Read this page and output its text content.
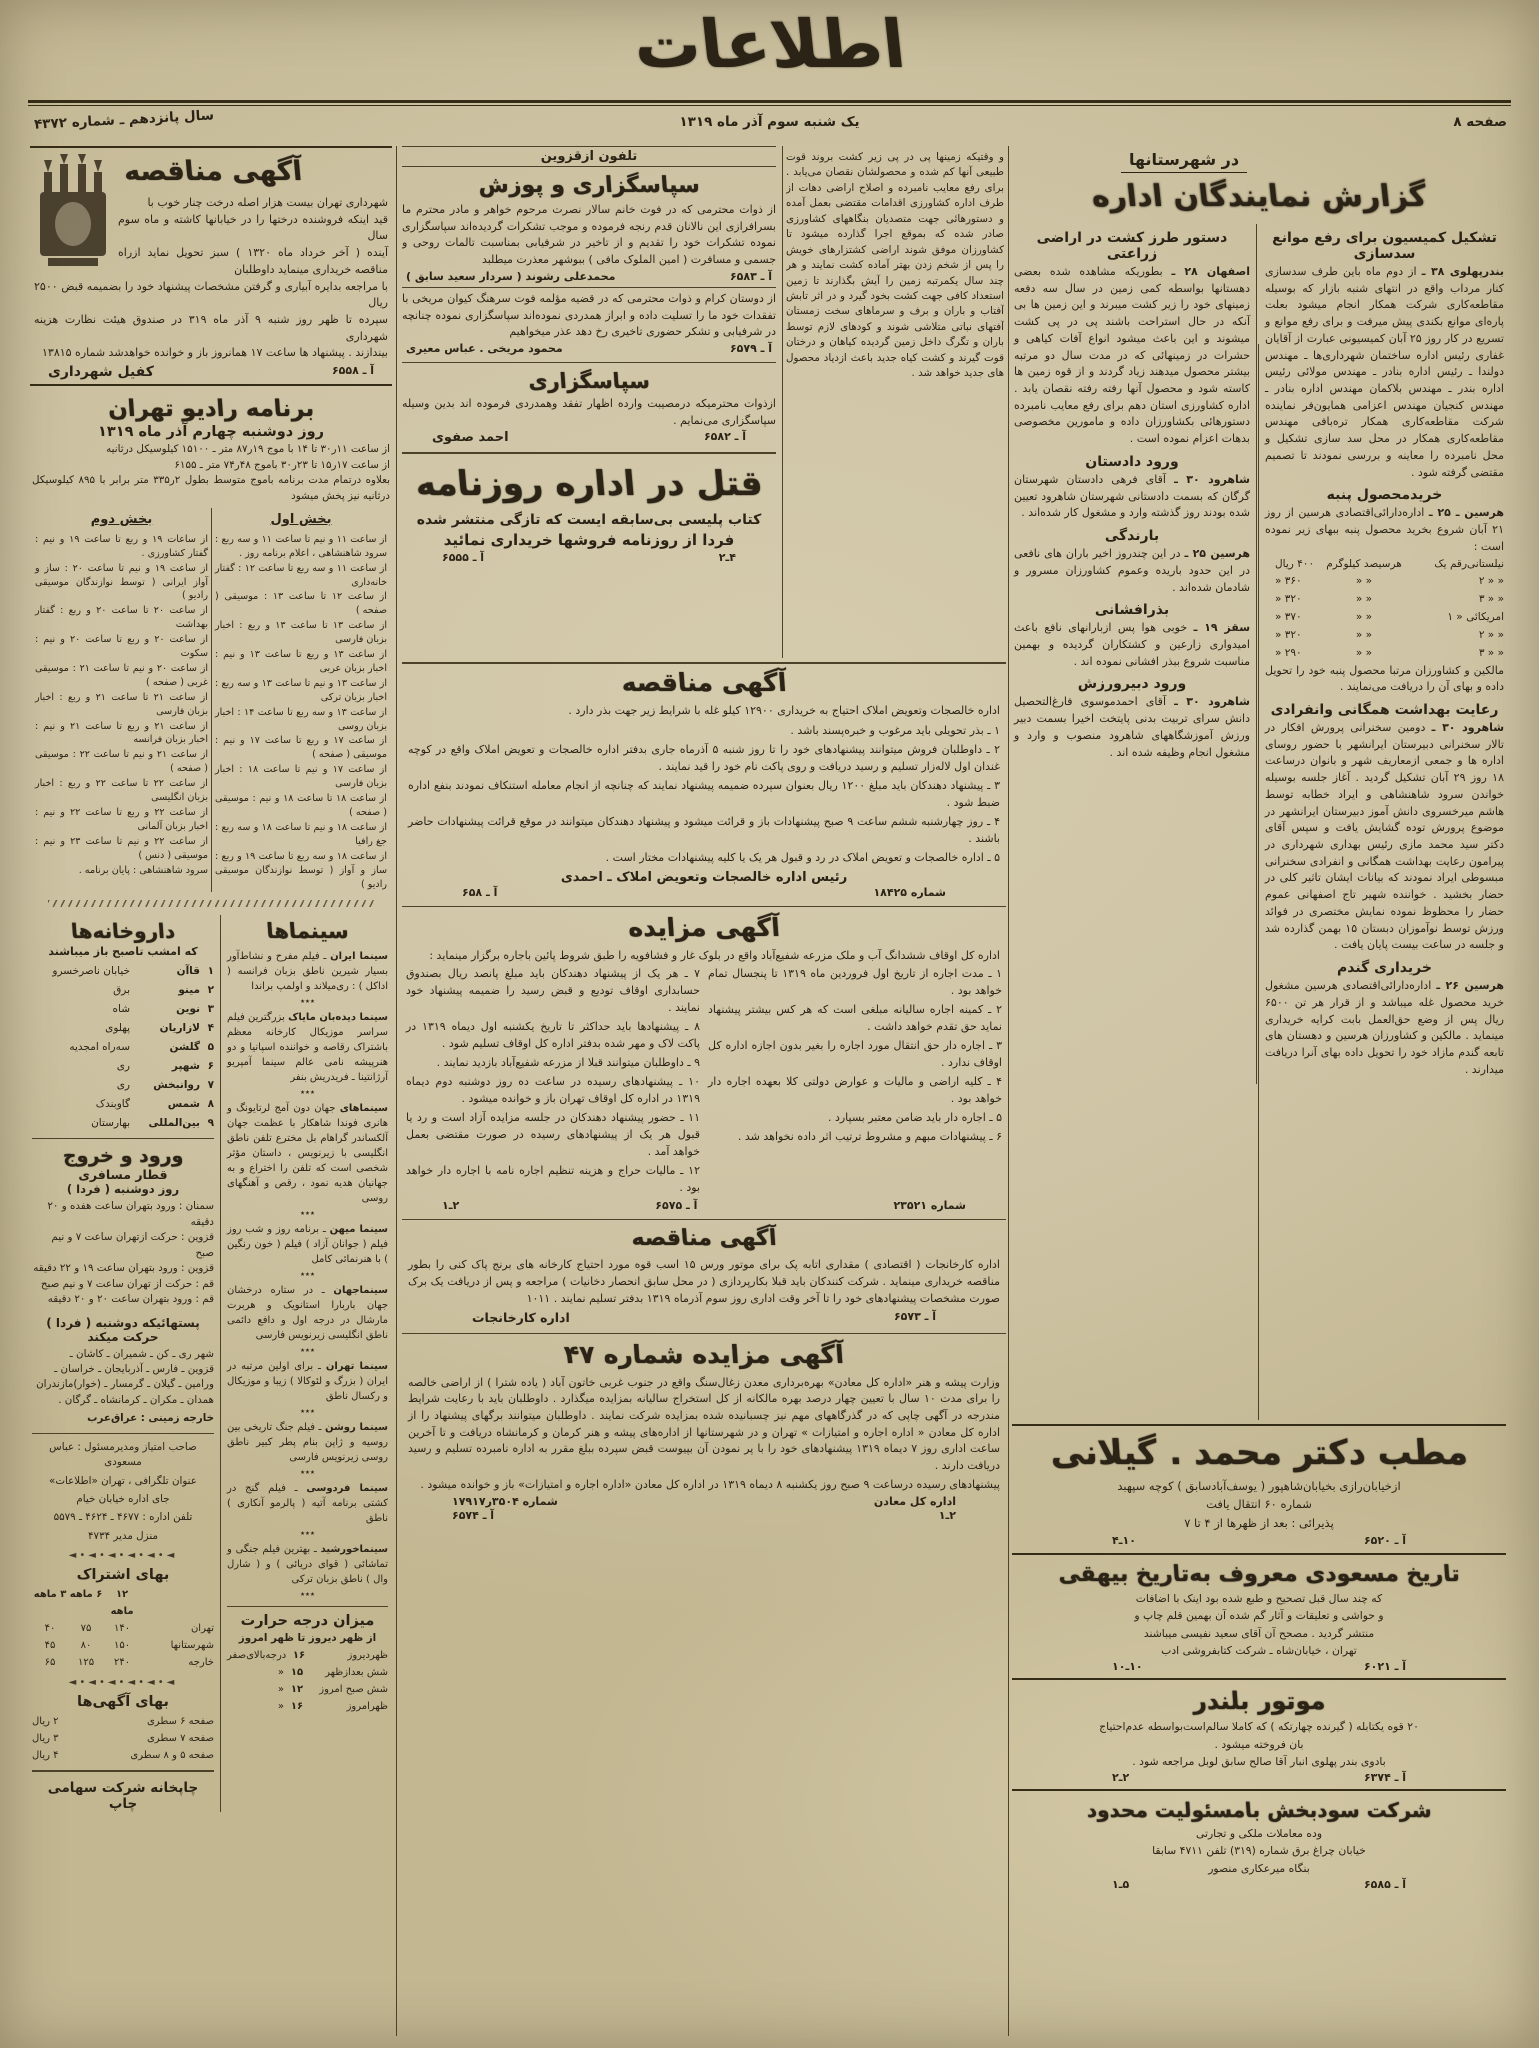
اطلاعات
صفحه ۸
یک شنبه سوم آذر ماه ۱۳۱۹
سال پانزدهم ـ شماره ۴۳۷۲
آگهی مناقصه
شهرداری تهران بیست هزار اصله درخت چنار خوب با
قید اینکه فروشنده درختها را در خیابانها کاشته و ماه سوم سال
آینده ( آخر خرداد ماه ۱۳۲۰ ) سبز تحویل نماید ازراه مناقصه خریداری مینماید داوطلبان
با مراجعه بدایره آبیاری و گرفتن مشخصات پیشنهاد خود را بضمیمه قبض ۲۵۰۰ ریال
سپرده تا ظهر روز شنبه ۹ آذر ماه ۳۱۹ در صندوق هیئت نظارت هزینه شهرداری
بیندازند . پیشنهاد ها ساعت ۱۷ همانروز باز و خوانده خواهدشد شماره ۱۳۸۱۵
آ ـ ۶۵۵۸
کفیل شهرداری
برنامه رادیو تهران
روز دوشنبه چهارم آذر ماه ۱۳۱۹
از ساعت ۱۱ر۳۰ تا ۱۴ با موج ۱۹ر۸۷ متر ـ ۱۵۱۰۰ کیلوسیکل درثانیه
از ساعت ۱۷ر۱۵ تا ۲۳ر۳۰ باموج ۴۸ر۷۴ متر ـ ۶۱۵۵
بعلاوه درتمام مدت برنامه باموج متوسط بطول ۲ر۳۳۵ متر برابر با ۸۹۵ کیلوسیکل درثانیه نیز پخش میشود
بخش اول
از ساعت ۱۱ و نیم تا ساعت ۱۱ و سه ربع : سرود شاهنشاهی ، اعلام برنامه روز .
از ساعت ۱۱ و سه ربع تا ساعت ۱۲ : گفتار خانه‌داری
از ساعت ۱۲ تا ساعت ۱۳ : موسیقی ( صفحه )
از ساعت ۱۳ تا ساعت ۱۳ و ربع : اخبار بزبان فارسی
از ساعت ۱۳ و ربع تا ساعت ۱۳ و نیم : اخبار بزبان عربی
از ساعت ۱۳ و نیم تا ساعت ۱۳ و سه ربع : اخبار بزبان ترکی
از ساعت ۱۳ و سه ربع تا ساعت ۱۴ : اخبار بزبان روسی
از ساعت ۱۷ و ربع تا ساعت ۱۷ و نیم : موسیقی ( صفحه )
از ساعت ۱۷ و نیم تا ساعت ۱۸ : اخبار بزبان فارسی
از ساعت ۱۸ تا ساعت ۱۸ و نیم : موسیقی ( صفحه )
از ساعت ۱۸ و نیم تا ساعت ۱۸ و سه ربع : جغ رافیا
از ساعت ۱۸ و سه ربع تا ساعت ۱۹ و ربع : ساز و آواز ( توسط نوازندگان موسیقی رادیو )
بخش دوم
از ساعات ۱۹ و ربع تا ساعت ۱۹ و نیم : گفتار کشاورزی .
از ساعت ۱۹ و نیم تا ساعت ۲۰ : ساز و آواز ایرانی ( توسط نوازندگان موسیقی رادیو )
از ساعت ۲۰ تا ساعت ۲۰ و ربع : گفتار بهداشت
از ساعت ۲۰ و ربع تا ساعت ۲۰ و نیم : سکوت
از ساعت ۲۰ و نیم تا ساعت ۲۱ : موسیقی غربی ( صفحه )
از ساعت ۲۱ تا ساعت ۲۱ و ربع : اخبار بزبان فارسی
از ساعت ۲۱ و ربع تا ساعت ۲۱ و نیم : اخبار بزبان فرانسه
از ساعت ۲۱ و نیم تا ساعت ۲۲ : موسیقی ( صفحه )
از ساعت ۲۲ تا ساعت ۲۲ و ربع : اخبار بزبان انگلیسی
از ساعت ۲۲ و ربع تا ساعت ۲۲ و نیم : اخبار بزبان آلمانی
از ساعت ۲۲ و نیم تا ساعت ۲۳ و نیم : موسیقی ( دنس )
سرود شاهنشاهی : پایان برنامه .
سینماها

سینما ایران ـ فیلم مفرح و نشاط‌آور بسیار شیرین ناطق بزبان فرانسه ( اداکل ) : ری‌میلاند و اولمپ براندا

٭٭٭

سینما دیده‌بان مایاک بزرگترین فیلم سراسر موزیکال کارخانه معظم باشتراک رقاصه و خواننده اسپانیا و دو هنرپیشه نامی عالم سینما آمپریو آرژانتینا ـ فریدریش بنفر

٭٭٭

سینماهای جهان دون آمج لرتایونگ و هانری فوندا شاهکار با عظمت جهان آلکساندر گراهام بل مخترع تلفن ناطق انگلیسی با زیرنویس ، داستان مؤثر شخصی است که تلفن را اختراع و به جهانیان هدیه نمود ، رقص و آهنگهای روسی

٭٭٭

سینما میهن ـ برنامه روز و شب روز فیلم ( جوانان آزاد ) فیلم ( خون رنگین ) با هنرنمائی کامل

٭٭٭

سینماجهان ـ در ستاره درخشان جهان باربارا استانویک و هربرت مارشال در درجه اول و دافع دائمی ناطق انگلیسی زیرنویس فارسی

٭٭٭

سینما تهران ـ برای اولین مرتبه در ایران ( بزرگ و لئوکالا ) زیبا و موزیکال و رکسال ناطق

٭٭٭

سینما روشن ـ فیلم جنگ تاریخی بین روسیه و ژاپن بنام پطر کبیر ناطق روسی زیرنویس فارسی

٭٭٭

سینما فردوسی ـ فیلم گنج در کشتی برنامه آتیه ( پالرمو آنکاری ) ناطق

٭٭٭

سینماخورشید ـ بهترین فیلم جنگی و تماشائی ( قوای دریائی ) و ( شارل وال ) ناطق بزبان ترکی

٭٭٭
میزان درجه حرارت
از ظهر دیروز تا ظهر امروز
ظهردیروز
۱۶
درجه‌بالای‌صفر
شش بعدازظهر
۱۵
«
شش صبح امروز
۱۲
«
ظهرامروز
۱۶
«
داروخانه‌ها
که امشب تاصبح باز میباشند
۱
قاآن
خیابان ناصرخسرو
۲
مینو
برق
۳
نوین
شاه
۴
لازاریان
پهلوی
۵
گلشن
سه‌راه امجدیه
۶
شهپر
ری
۷
روانبخش
ری
۸
شمس
گاوبندک
۹
بین‌المللی
بهارستان
ورود و خروج
قطار مسافری
روز دوشنبه ( فردا )
سمنان : ورود بتهران ساعت هفده و ۲۰ دقیقه
قزوین : حرکت ازتهران ساعت ۷ و نیم صبح
قزوین : ورود بتهران ساعت ۱۹ و ۲۲ دقیقه
قم : حرکت از تهران ساعت ۷ و نیم صبح
قم : ورود بتهران ساعت ۲۰ و ۲۰ دقیقه
پستهائیکه دوشنبه ( فردا )
حرکت میکند
شهر ری ـ کن ـ شمیران ـ کاشان ـ
قزوین ـ فارس ـ آذربایجان ـ خراسان ـ
ورامین ـ گیلان ـ گرمسار ـ (خوار)مازندران
همدان ـ مکران ـ کرمانشاه ـ گرگان .
خارجه زمینی : عراق‌عرب
صاحب امتیاز ومدیرمسئول : عباس مسعودی
عنوان تلگرافی ، تهران «اطلاعات»
جای اداره خیابان خیام
تلفن اداره : ۴۶۷۷ ـ ۴۶۲۴ ـ ۵۵۷۹
منزل مدیر ۴۷۳۴
◄•◄•◄•◄•◄•◄
بهای اشتراک
۱۲ ماهه
۶ ماهه
۳ ماهه
تهران
۱۴۰
۷۵
۴۰
شهرستانها
۱۵۰
۸۰
۴۵
خارجه
۲۴۰
۱۲۵
۶۵
◄•◄•◄•◄•◄•◄
بهای آگهی‌ها
صفحه ۶ سطری
۲ ریال
صفحه ۷ سطری
۳ ریال
صفحه ۵ و ۸ سطری
۴ ریال
چاپخانه شرکت سهامی چاپ
تلفون ازقزوین
سپاسگزاری و پوزش

از ذوات محترمی که در فوت خانم سالار نصرت مرحوم خواهر و مادر محترم ما بسرافرازی این نالانان قدم رنجه فرموده و موجب تشکرات گردیده‌اند سپاسگزاری نموده تشکرات خود را تقدیم و از تاخیر در شرفیابی بمناسبت تالمات روحی و جسمی و مسافرت ( امین الملوک مافی ) ببوشهر معذرت میطلبد

آ ـ ۶۵۸۳
محمدعلی رشوند ( سردار سعید سابق )

از دوستان کرام و ذوات محترمی که در قضیه مؤلمه فوت سرهنگ کیوان مریخی با تفقدات خود ما را تسلیت داده و ابراز همدردی نموده‌اند سپاسگزاری نموده چنانچه در شرفیابی و تشکر حضوری تاخیری رخ دهد عذر میخواهیم

آ ـ ۶۵۷۹
محمود مریخی . عباس معیری
سپاسگزاری

ازذوات محترمیکه درمصیبت وارده اظهار تفقد وهمدردی فرموده اند بدین وسیله سپاسگزاری می‌نمایم .

آ ـ ۶۵۸۲
احمد صفوی
قتل در اداره روزنامه
کتاب پلیسی بی‌سابقه ایست که تازگی منتشر شده
فردا از روزنامه فروشها خریداری نمائید
۴ـ۲
آ ـ ۶۵۵۵

و وقتیکه زمینها پی در پی زیر کشت بروند قوت طبیعی آنها کم شده و محصولشان نقصان می‌یابد . برای رفع معایب نامبرده و اصلاح اراضی دهات از طرف اداره کشاورزی اقدامات مقتضی بعمل آمده و دستورهائی جهت متصدیان بنگاههای کشاورزی صادر شده که بموقع اجرا گذارده میشود تا کشاورزان موفق شوند اراضی کشتزارهای خویش را پس از شخم زدن بهتر آماده کشت نمایند و هر چند سال یکمرتبه زمین را آیش بگذارند تا زمین استعداد کافی جهت کشت بخود گیرد و در اثر تابش آفتاب و باران و برف و سرماهای سخت زمستان آفتهای نباتی متلاشی شوند و کودهای لازم توسط باران و تگرگ داخل زمین گردیده کیاهان و درختان قوت گیرند و کشت کیاه جدید باعث ازدیاد محصول های جدید خواهد شد .

آگهی مناقصه

اداره خالصجات وتعویض املاک احتیاج به خریداری ۱۲۹۰۰ کیلو غله با شرایط زیر جهت بذر دارد .

۱ ـ بذر تحویلی باید مرغوب و خبره‌پسند باشد .
۲ ـ داوطلبان فروش میتوانند پیشنهادهای خود را تا روز شنبه ۵ آذرماه جاری بدفتر اداره خالصجات و تعویض املاک واقع در کوچه غندان اول لاله‌زار تسلیم و رسید دریافت و روی پاکت نام خود را قید نمایند .
۳ ـ پیشنهاد دهندکان باید مبلغ ۱۲۰۰ ریال بعنوان سپرده ضمیمه پیشنهاد نمایند که چنانچه از انجام معامله استنکاف نمودند بنفع اداره ضبط شود .
۴ ـ روز چهارشنبه ششم ساعت ۹ صبح پیشنهادات باز و قرائت میشود و پیشنهاد دهندکان میتوانند در موقع قرائت پیشنهادات حاضر باشند .
۵ ـ اداره خالصجات و تعویض املاک در رد و قبول هر یک یا کلیه پیشنهادات مختار است .
رئیس اداره خالصجات وتعویض املاک ـ احمدی
شماره ۱۸۴۲۵
آ ـ ۶۵۸
آگهی مزایده

اداره کل اوقاف ششدانگ آب و ملک مزرعه شفیع‌آباد واقع در بلوک غار و فشافویه را طبق شروط پائین باجاره برگزار مینماید :

۱ ـ مدت اجاره از تاریخ اول فروردین ماه ۱۳۱۹ تا پنجسال تمام خواهد بود .
۲ ـ کمینه اجاره سالیانه مبلغی است که هر کس بیشتر پیشنهاد نماید حق تقدم خواهد داشت .
۳ ـ اجاره دار حق انتقال مورد اجاره را بغیر بدون اجازه اداره کل اوقاف ندارد .
۴ ـ کلیه اراضی و مالیات و عوارض دولتی کلا بعهده اجاره دار خواهد بود .
۵ ـ اجاره دار باید ضامن معتبر بسپارد .
۶ ـ پیشنهادات مبهم و مشروط ترتیب اثر داده نخواهد شد .
۷ ـ هر یک از پیشنهاد دهندکان باید مبلغ پانصد ریال بصندوق حسابداری اوقاف تودیع و قبض رسید را ضمیمه پیشنهاد خود نمایند .
۸ ـ پیشنهادها باید حداکثر تا تاریخ یکشنبه اول دیماه ۱۳۱۹ در پاکت لاک و مهر شده بدفتر اداره کل اوقاف تسلیم شود .
۹ ـ داوطلبان میتوانند قبلا از مزرعه شفیع‌آباد بازدید نمایند .
۱۰ ـ پیشنهادهای رسیده در ساعت ده روز دوشنبه دوم دیماه ۱۳۱۹ در اداره کل اوقاف تهران باز و خوانده میشود .
۱۱ ـ حضور پیشنهاد دهندکان در جلسه مزایده آزاد است و رد یا قبول هر یک از پیشنهادهای رسیده در صورت مقتضی بعمل خواهد آمد .
۱۲ ـ مالیات حراج و هزینه تنظیم اجاره نامه با اجاره دار خواهد بود .
شماره ۲۳۵۲۱
آ ـ ۶۵۷۵
۲ـ۱
آگهی مناقصه

اداره کارخانجات ( اقتصادی ) مقداری اتابه پک برای موتور ورس ۱۵ اسب قوه مورد احتیاج کارخانه های برنج پاک کنی را بطور مناقصه خریداری مینماید . شرکت کنندکان باید قبلا بکارپردازی ( در محل سابق انحصار دخانیات ) مراجعه و پس از دریافت یک برک صورت مشخصات پیشنهادهای خود را تا آخر وقت اداری روز سوم آذرماه ۱۳۱۹ بدفتر تسلیم نمایند . ۱۰۱۱

آ ـ ۶۵۷۳
اداره کارخانجات
آگهی مزایده شماره ۴۷

وزارت پیشه و هنر «اداره کل معادن» بهره‌برداری معدن زغال‌سنگ واقع در جنوب غربی خاتون آباد ( یاده شترا ) از اراضی خالصه را برای مدت ۱۰ سال با تعیین چهار درصد بهره مالکانه از کل استخراج سالیانه بمزایده میگذارد . داوطلبان باید با رعایت شرایط مندرجه در آگهی چاپی که در گذرگاههای مهم نیز چسبانیده شده بمزایده شرکت نمایند . داوطلبان میتوانند برگهای پیشنهاد را از اداره کل معادن « اداره اجاره و امتیازات » تهران و در شهرستانها از اداره‌های پیشه و هنر کرمان و کرمانشاه دریافت و تا آخرین ساعت اداری روز ۷ دیماه ۱۳۱۹ پیشنهادهای خود را با پر نمودن آن بپیوست قبض سپرده ببلغ مقرر به اداره نامبرده تسلیم و رسید دریافت دارند .

پیشنهادهای رسیده درساعت ۹ صبح روز یکشنبه ۸ دیماه ۱۳۱۹ در اداره کل معادن «اداره اجاره و امتیازات» باز و خوانده میشود .

اداره کل معادن
شماره ۳۵۰۴ر۱۷۹۱۷
۲ـ۱
آ ـ ۶۵۷۴
در شهرستانها
گزارش نمایندگان اداره
تشکیل کمیسیون برای رفع موانع سدسازی

بندرپهلوی ۳۸ ـ از دوم ماه باین طرف سدسازی کنار مرداب واقع در انتهای شنبه بازار که بوسیله مقاطعه‌کاری شرکت همکار انجام میشود بعلت پاره‌ای موانع بکندی پیش میرفت و برای رفع موانع و تسریع در کار روز ۲۵ آبان کمیسیونی عبارت از آقایان غفاری رئیس اداره ساختمان شهرداری‌ها ـ مهندس دولندا ـ رئیس اداره بنادر ـ مهندس مولائی رئیس اداره بندر ـ مهندس بلاکمان مهندس اداره بنادر ـ مهندس کنجیان مهندس اعزامی همایون‌فر نماینده شرکت مقاطعه‌کاری همکار تره‌بافی مهندس مقاطعه‌کاری همکار در محل سد سازی تشکیل و محل نامبرده را معاینه و بررسی نمودند تا تصمیم مقتضی گرفته شود .

خریدمحصول پنبه

هرسین ـ ۲۵ ـ اداره‌دارائی‌اقتصادی هرسین از روز ۲۱ آبان شروع بخرید محصول پنبه ببهای زیر نموده است :

نیلستانی‌رقم یک
هرسیصد کیلوگرم
۴۰۰ ریال
« « ۲
« «
۳۶۰ «
« « ۳
« «
۳۲۰ «
امریکائی « ۱
« «
۳۷۰ «
« « ۲
« «
۳۲۰ «
« « ۳
« «
۲۹۰ «

مالکین و کشاورزان مرتبا محصول پنبه خود را تحویل داده و بهای آن را دریافت می‌نمایند .

رعایت بهداشت همگانی وانفرادی

شاهرود ۳۰ ـ دومین سخنرانی پرورش افکار در تالار سخنرانی دبیرستان ایرانشهر با حضور روسای اداره ها و جمعی ازمعاریف شهر و بانوان درساعت ۱۸ روز ۲۹ آبان تشکیل گردید . آغاز جلسه بوسیله خواندن سرود شاهنشاهی و ایراد خطابه توسط هاشم میرخسروی دانش آموز دبیرستان ایرانشهر در موضوع پرورش توده گشایش یافت و سپس آقای دکتر سید محمد مازی رئیس بهداری شهرداری در پیرامون رعایت بهداشت همگانی و انفرادی سخنرانی مبسوطی ایراد نمودند که بیانات ایشان تاثیر کلی در حضار بخشید . خواننده شهیر تاج اصفهانی عموم حضار را محظوظ نموده نمایش مختصری در فوائد ورزش توسط نوآموزان دبستان ۱۵ بهمن گذارده شد و جلسه در ساعت بیست پایان یافت .

خریداری گندم

هرسین ۲۶ ـ اداره‌دارائی‌اقتصادی هرسین مشغول خرید محصول غله میباشد و از قرار هر تن ۶۵۰۰ ریال پس از وضع حق‌العمل بابت کرایه خریداری مینماید . مالکین و کشاورزان هرسین و دهستان های تابعه گندم مازاد خود را تحویل داده بهای آنرا دریافت میدارند .

دستور طرز کشت در اراضی زراعتی

اصفهان ۲۸ ـ بطوریکه مشاهده شده بعضی دهستانها بواسطه کمی زمین در سال سه دفعه زمینهای خود را زیر کشت میبرند و این زمین ها بی آنکه در حال استراحت باشند پی در پی کشت میشوند و این باعث میشود انواع آفات کیاهی و حشرات در زمینهائی که در مدت سال دو مرتبه بیشتر محصول میدهند زیاد گردند و از قوه زمین ها کاسته شود و محصول آنها رفته رفته نقصان یابد . اداره کشاورزی استان دهم برای رفع معایب نامبرده دستورهائی بکشاورزان داده و مامورین مخصوصی بدهات اعزام نموده است .

ورود دادستان

شاهرود ۳۰ ـ آقای فرهی دادستان شهرستان گرگان که بسمت دادستانی شهرستان شاهرود تعیین شده بودند روز گذشته وارد و مشغول کار شده‌اند .

بارندگی

هرسین ۲۵ ـ در این چندروز اخیر باران های نافعی در این حدود باریده وعموم کشاورزان مسرور و شادمان شده‌اند .

بذرافشانی

سقز ۱۹ ـ خوبی هوا پس ازبارانهای نافع باعث امیدواری زارعین و کشتکاران گردیده و بهمین مناسبت شروع ببذر افشانی نموده اند .

ورود دبیرورزش

شاهرود ۳۰ ـ آقای احمدموسوی فارغ‌التحصیل دانش سرای تربیت بدنی پایتخت اخیرا بسمت دبیر ورزش آموزشگاههای شاهرود منصوب و وارد و مشغول انجام وظیفه شده اند .

مطب دکتر محمد . گیلانی
ازخیابان‌رازی بخیابان‌شاهپور ( یوسف‌آبادسابق ) کوچه سپهبد
شماره ۶۰ انتقال یافت
پذیرائی : بعد از ظهرها از ۴ تا ۷
آ ـ ۶۵۲۰
۱۰ـ۴
تاریخ مسعودی معروف به‌تاریخ بیهقی
که چند سال قبل تصحیح و طبع شده بود اینک با اضافات
و حواشی و تعلیقات و آثار گم شده آن بهمین قلم چاپ و
منتشر گردید . مصحح آن آقای سعید نفیسی میباشند
تهران ، خیابان‌شاه ـ شرکت کتابفروشی ادب
آ ـ ۶۰۲۱
۱۰ـ۱۰
موتور بلندر
۲۰ قوه یکتابله ( گیرنده چهارتکه ) که کاملا سالم‌است‌بواسطه عدم‌احتیاج
بان فروخته میشود .
بادوی بندر پهلوی انبار آقا صالح سابق لوبل مراجعه شود .
آ ـ ۶۳۷۴
۲ـ۲
شرکت سودبخش بامسئولیت محدود
وده معاملات ملکی و تجارتی
خیابان چراغ برق شماره (۳۱۹) تلفن ۴۷۱۱ سابقا
بنگاه میرعکاری منصور
آ ـ ۶۵۸۵
۵ـ۱
